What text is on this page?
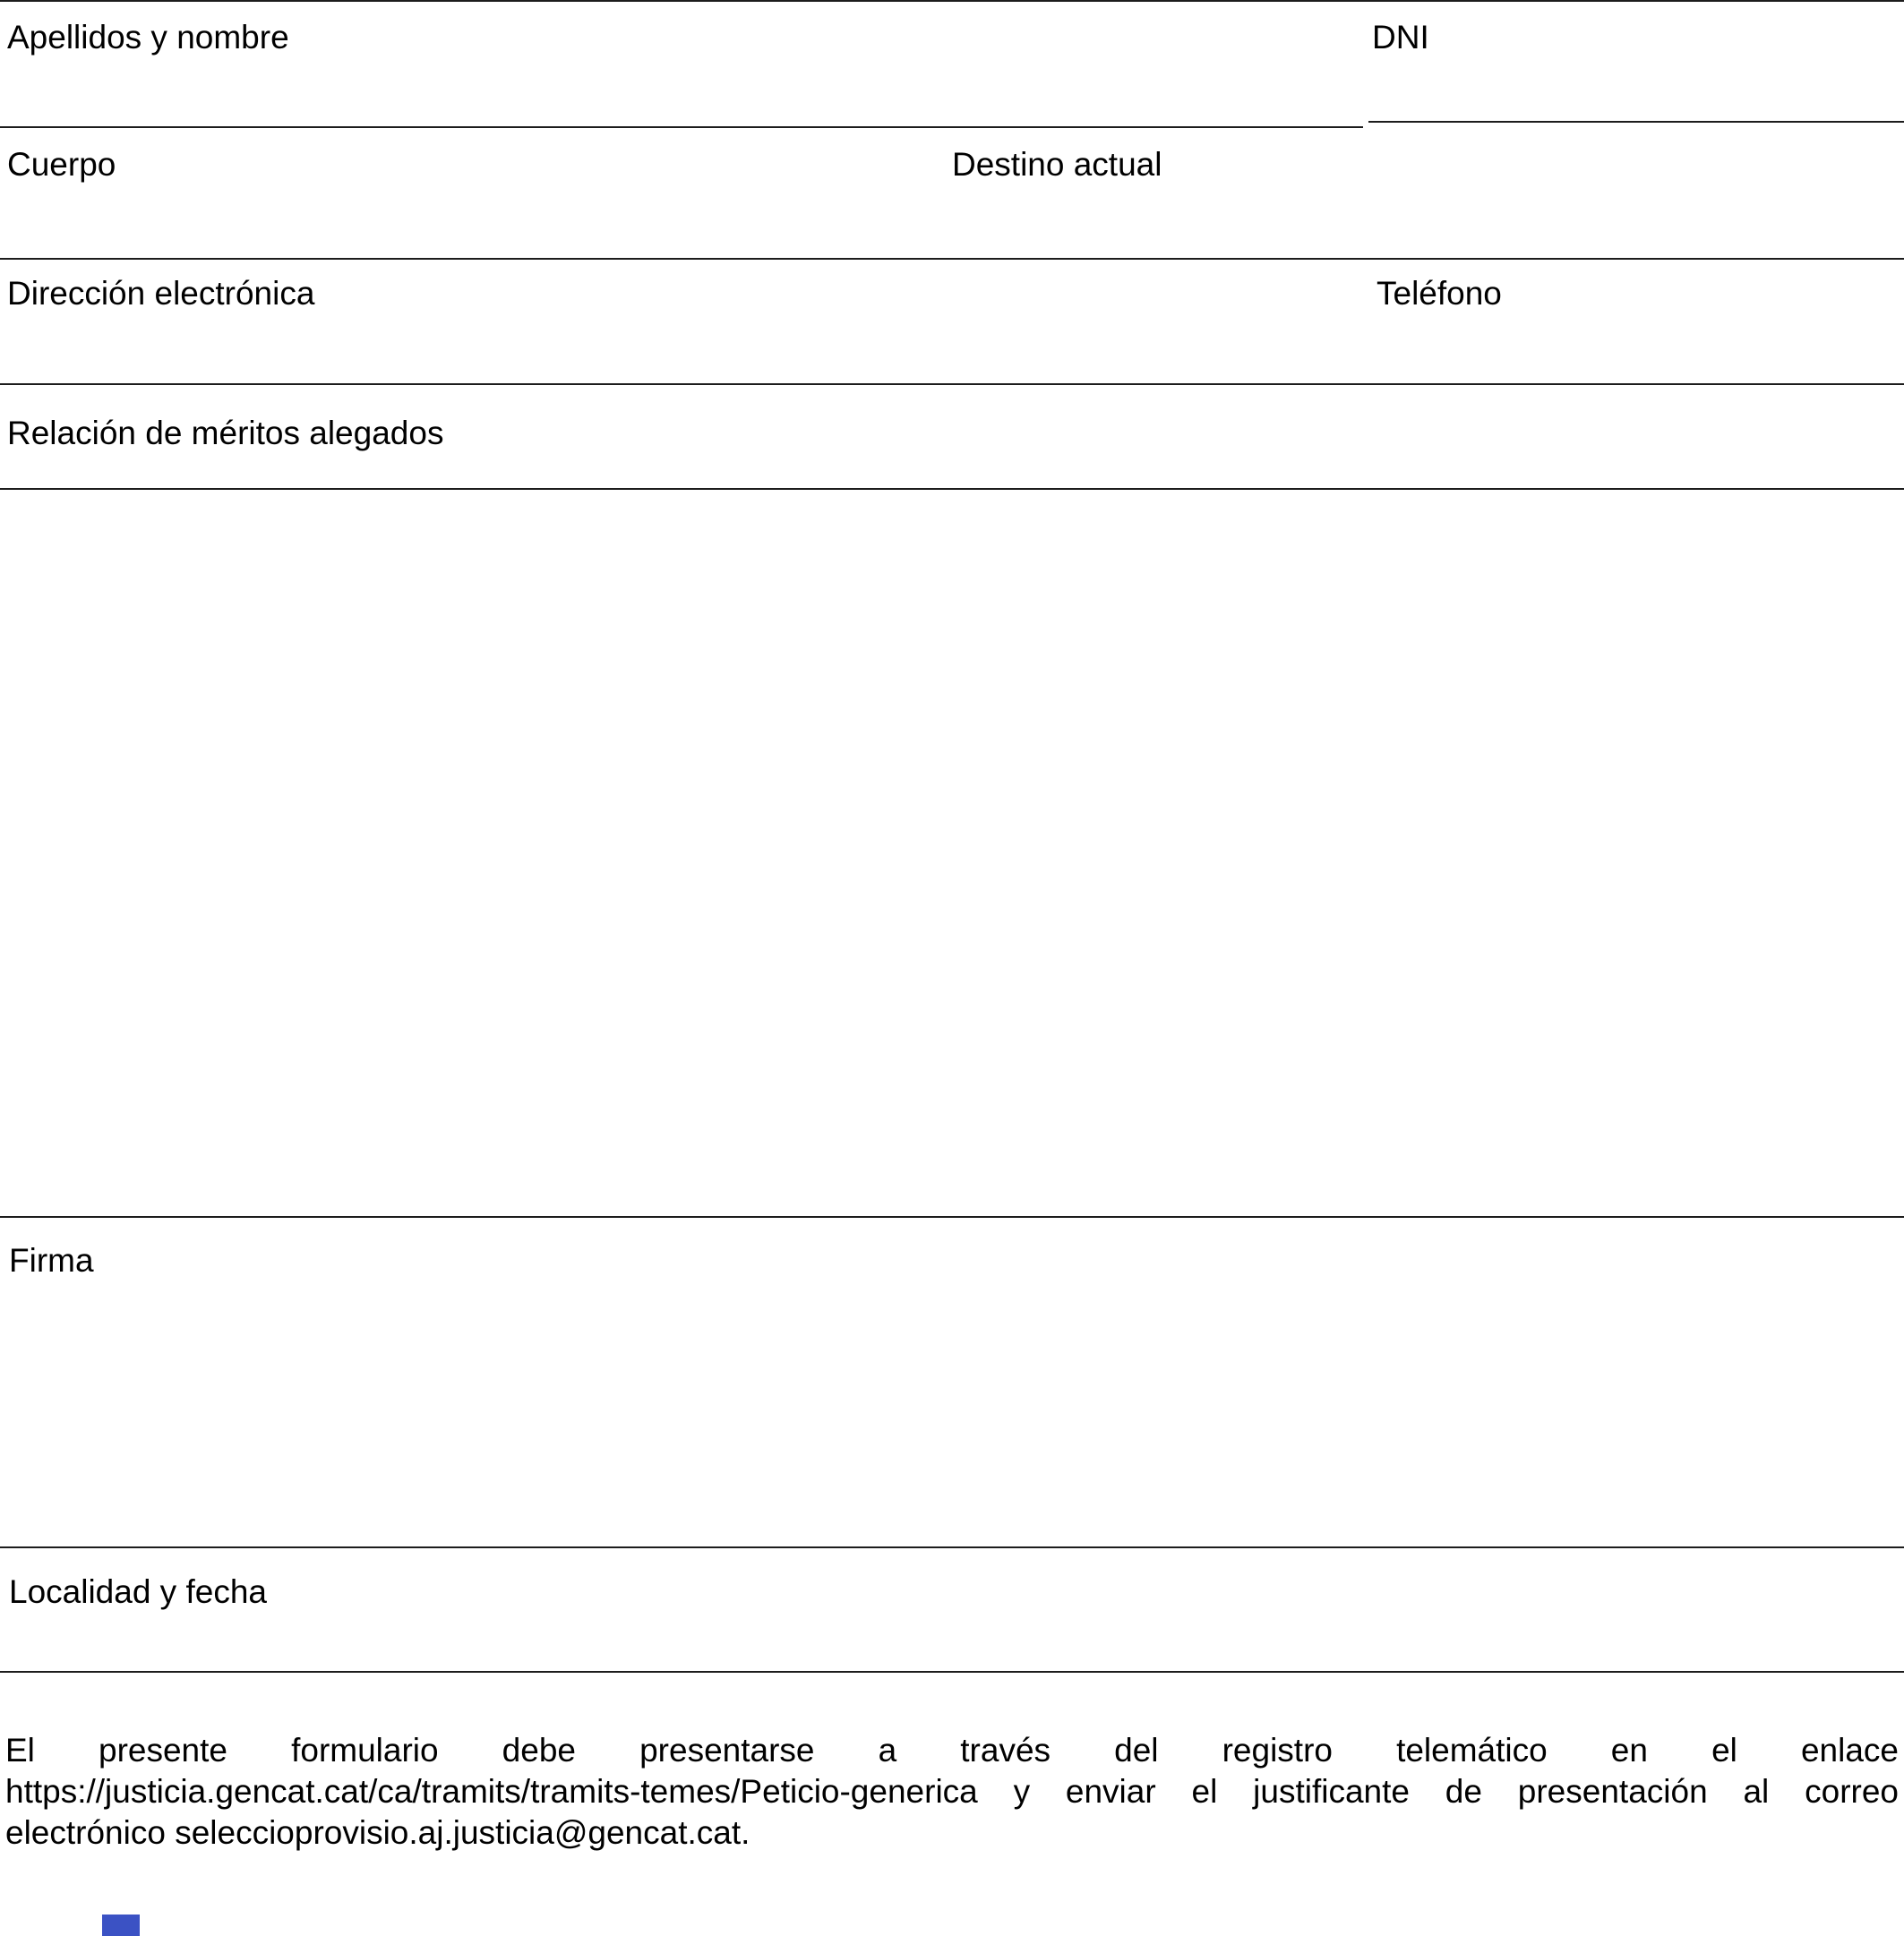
Apellidos y nombre	DNI
Cuerpo	Destino actual
Dirección electrónica	Teléfono
Relación de méritos alegados
Firma
Localidad y fecha
El presente formulario debe presentarse a través del registro telemático en el enlace
https://justicia.gencat.cat/ca/tramits/tramits-temes/Peticio-generica y enviar el justificante de presentación al correo
electrónico seleccioprovisio.aj.justicia@gencat.cat.
